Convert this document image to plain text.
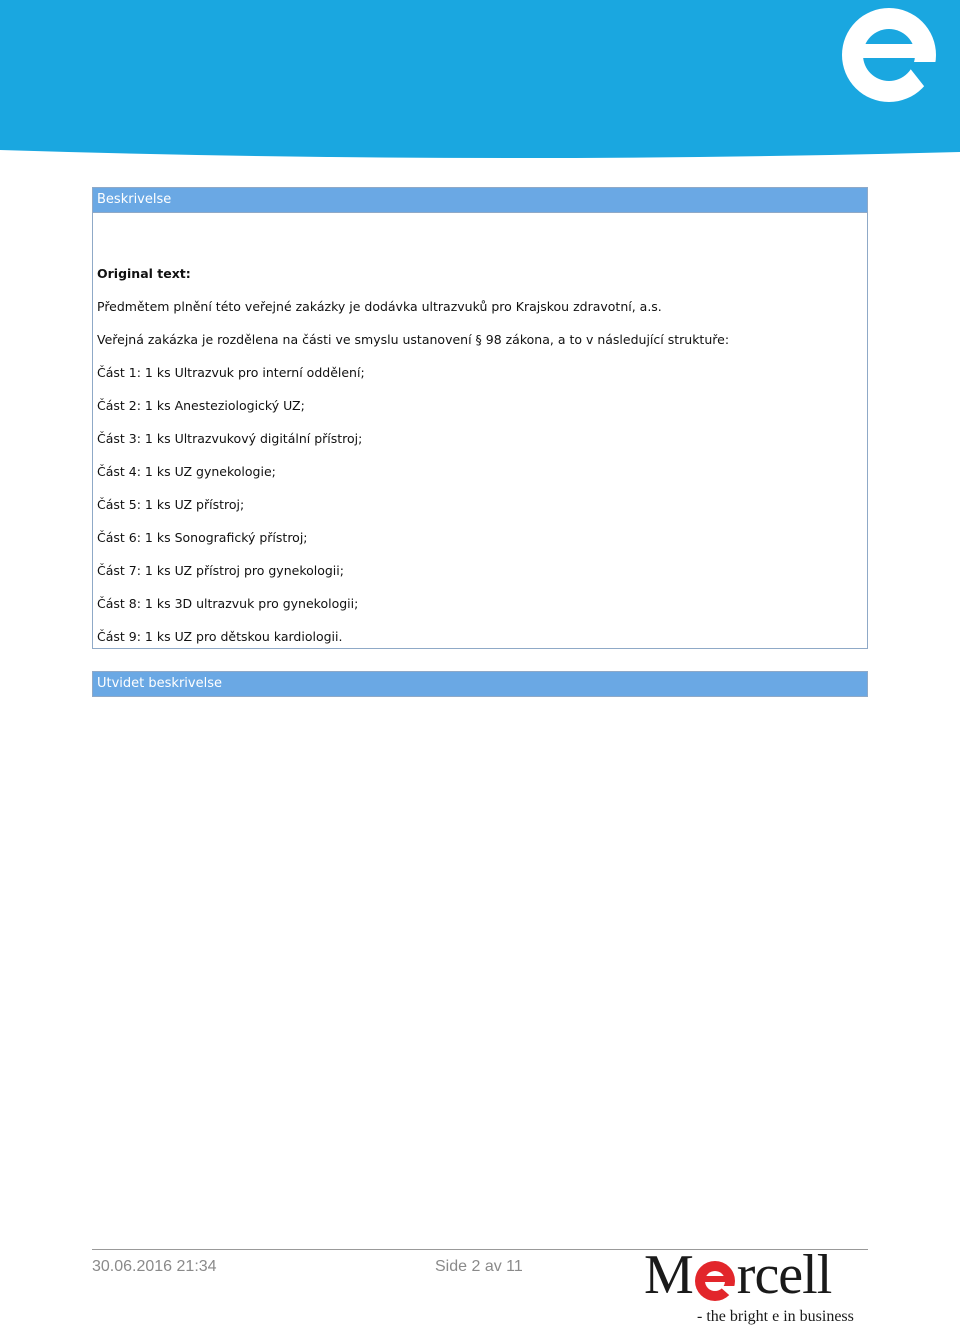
Beskrivelse
Original text:
Předmětem plnění této veřejné zakázky je dodávka ultrazvuků pro Krajskou zdravotní, a.s.
Veřejná zakázka je rozdělena na části ve smyslu ustanovení § 98 zákona, a to v následující struktuře:
Část 1: 1 ks Ultrazvuk pro interní oddělení;
Část 2: 1 ks Anesteziologický UZ;
Část 3: 1 ks Ultrazvukový digitální přístroj;
Část 4: 1 ks UZ gynekologie;
Část 5: 1 ks UZ přístroj;
Část 6: 1 ks Sonografický přístroj;
Část 7: 1 ks UZ přístroj pro gynekologii;
Část 8: 1 ks 3D ultrazvuk pro gynekologii;
Část 9: 1 ks UZ pro dětskou kardiologii.
Utvidet beskrivelse
30.06.2016 21:34	Side 2 av 11 M rcell
- the bright e in business
